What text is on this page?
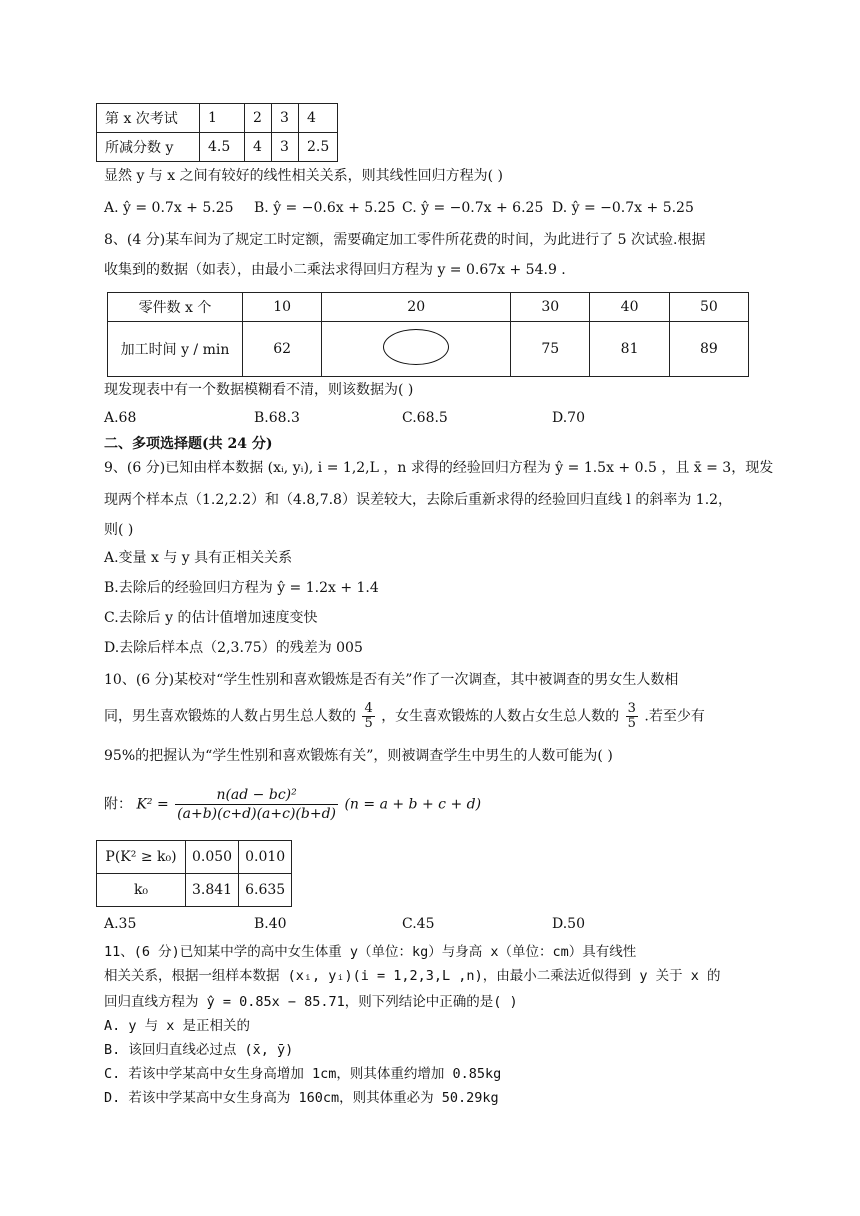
第 x 次考试	1	2	3	4
所减分数 y	4.5	4	3	2.5
显然 y 与 x 之间有较好的线性相关关系，则其线性回归方程为( )
A. ŷ = 0.7x + 5.25 B. ŷ = −0.6x + 5.25 C. ŷ = −0.7x + 6.25 D. ŷ = −0.7x + 5.25
8、(4 分)某车间为了规定工时定额，需要确定加工零件所花费的时间，为此进行了 5 次试验.根据
收集到的数据（如表），由最小二乘法求得回归方程为 y = 0.67x + 54.9 .
零件数 x 个	10	20	30	40	50
加工时间 y / min	62		75	81	89
现发现表中有一个数据模糊看不清，则该数据为( )
A.68	B.68.3	C.68.5	D.70
二、多项选择题(共 24 分)
9、(6 分)已知由样本数据 (xᵢ, yᵢ), i = 1,2,L ，n 求得的经验回归方程为 ŷ = 1.5x + 0.5 ，且 x̄ = 3，现发
现两个样本点（1.2,2.2）和（4.8,7.8）误差较大，去除后重新求得的经验回归直线 l 的斜率为 1.2，
则( )
A.变量 x 与 y 具有正相关关系
B.去除后的经验回归方程为 ŷ = 1.2x + 1.4
C.去除后 y 的估计值增加速度变快
D.去除后样本点（2,3.75）的残差为 005
10、(6 分)某校对“学生性别和喜欢锻炼是否有关”作了一次调查，其中被调查的男女生人数相
同，男生喜欢锻炼的人数占男生总人数的 $\frac{4}{5}$ ，女生喜欢锻炼的人数占女生总人数的 $\frac{3}{5}$ .若至少有
95%的把握认为“学生性别和喜欢锻炼有关”，则被调查学生中男生的人数可能为( )
附： $K^2 = \frac{\text{n(ad − bc)²}}{(a+b)(c+d)(a+c)(b+d)} (n = a + b + c + d)$
P(K² ≥ k₀)	0.050	0.010
k₀	3.841	6.635
A.35	B.40	C.45	D.50
11、(6 分)已知某中学的高中女生体重 y（单位：kg）与身高 x（单位：cm）具有线性
相关关系，根据一组样本数据 (xᵢ, yᵢ)(i = 1,2,3,L ,n)，由最小二乘法近似得到 y 关于 x 的
回归直线方程为 ŷ = 0.85x − 85.71，则下列结论中正确的是( )
A. y 与 x 是正相关的
B. 该回归直线必过点 (x̄, ȳ)
C. 若该中学某高中女生身高增加 1cm，则其体重约增加 0.85kg
D. 若该中学某高中女生身高为 160cm，则其体重必为 50.29kg
